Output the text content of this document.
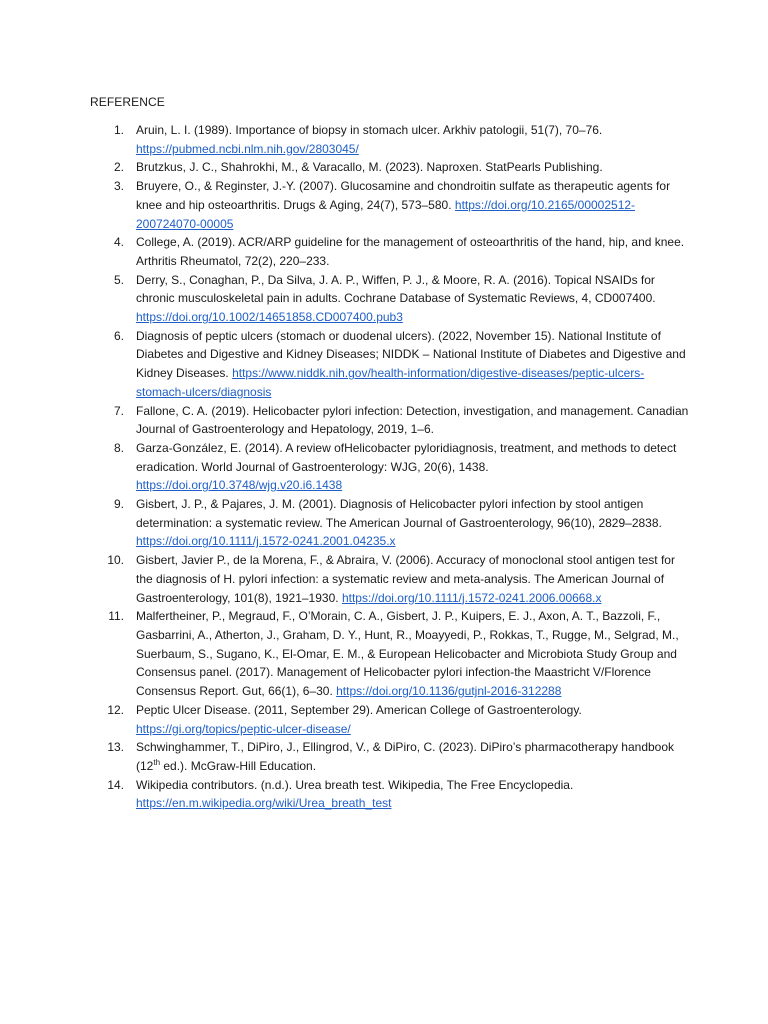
REFERENCE
1. Aruin, L. I. (1989). Importance of biopsy in stomach ulcer. Arkhiv patologii, 51(7), 70–76. https://pubmed.ncbi.nlm.nih.gov/2803045/
2. Brutzkus, J. C., Shahrokhi, M., & Varacallo, M. (2023). Naproxen. StatPearls Publishing.
3. Bruyere, O., & Reginster, J.-Y. (2007). Glucosamine and chondroitin sulfate as therapeutic agents for knee and hip osteoarthritis. Drugs & Aging, 24(7), 573–580. https://doi.org/10.2165/00002512-200724070-00005
4. College, A. (2019). ACR/ARP guideline for the management of osteoarthritis of the hand, hip, and knee. Arthritis Rheumatol, 72(2), 220–233.
5. Derry, S., Conaghan, P., Da Silva, J. A. P., Wiffen, P. J., & Moore, R. A. (2016). Topical NSAIDs for chronic musculoskeletal pain in adults. Cochrane Database of Systematic Reviews, 4, CD007400. https://doi.org/10.1002/14651858.CD007400.pub3
6. Diagnosis of peptic ulcers (stomach or duodenal ulcers). (2022, November 15). National Institute of Diabetes and Digestive and Kidney Diseases; NIDDK – National Institute of Diabetes and Digestive and Kidney Diseases. https://www.niddk.nih.gov/health-information/digestive-diseases/peptic-ulcers-stomach-ulcers/diagnosis
7. Fallone, C. A. (2019). Helicobacter pylori infection: Detection, investigation, and management. Canadian Journal of Gastroenterology and Hepatology, 2019, 1–6.
8. Garza-González, E. (2014). A review ofHelicobacter pyloridiagnosis, treatment, and methods to detect eradication. World Journal of Gastroenterology: WJG, 20(6), 1438. https://doi.org/10.3748/wjg.v20.i6.1438
9. Gisbert, J. P., & Pajares, J. M. (2001). Diagnosis of Helicobacter pylori infection by stool antigen determination: a systematic review. The American Journal of Gastroenterology, 96(10), 2829–2838. https://doi.org/10.1111/j.1572-0241.2001.04235.x
10. Gisbert, Javier P., de la Morena, F., & Abraira, V. (2006). Accuracy of monoclonal stool antigen test for the diagnosis of H. pylori infection: a systematic review and meta-analysis. The American Journal of Gastroenterology, 101(8), 1921–1930. https://doi.org/10.1111/j.1572-0241.2006.00668.x
11. Malfertheiner, P., Megraud, F., O’Morain, C. A., Gisbert, J. P., Kuipers, E. J., Axon, A. T., Bazzoli, F., Gasbarrini, A., Atherton, J., Graham, D. Y., Hunt, R., Moayyedi, P., Rokkas, T., Rugge, M., Selgrad, M., Suerbaum, S., Sugano, K., El-Omar, E. M., & European Helicobacter and Microbiota Study Group and Consensus panel. (2017). Management of Helicobacter pylori infection-the Maastricht V/Florence Consensus Report. Gut, 66(1), 6–30. https://doi.org/10.1136/gutjnl-2016-312288
12. Peptic Ulcer Disease. (2011, September 29). American College of Gastroenterology. https://gi.org/topics/peptic-ulcer-disease/
13. Schwinghammer, T., DiPiro, J., Ellingrod, V., & DiPiro, C. (2023). DiPiro’s pharmacotherapy handbook (12th ed.). McGraw-Hill Education.
14. Wikipedia contributors. (n.d.). Urea breath test. Wikipedia, The Free Encyclopedia. https://en.m.wikipedia.org/wiki/Urea_breath_test
